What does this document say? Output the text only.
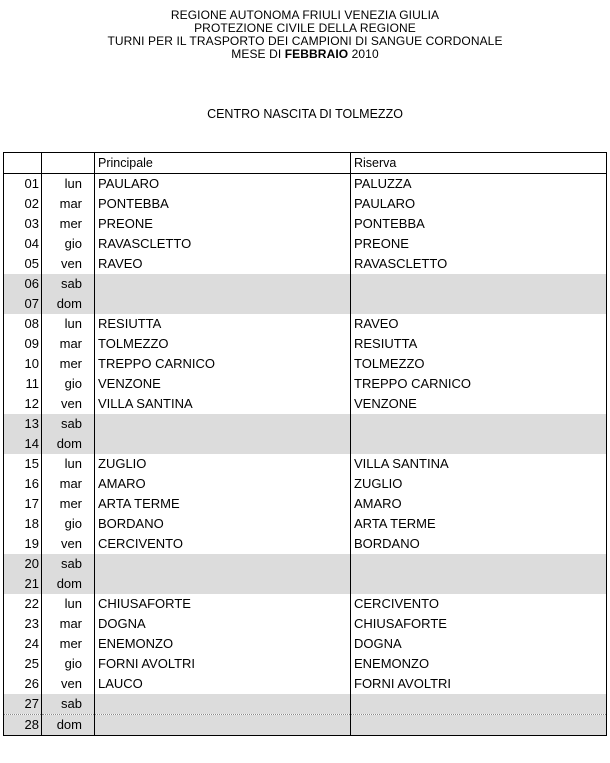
REGIONE AUTONOMA FRIULI VENEZIA GIULIA
PROTEZIONE CIVILE DELLA REGIONE
TURNI PER IL TRASPORTO DEI CAMPIONI DI SANGUE CORDONALE
MESE DI FEBBRAIO 2010
CENTRO NASCITA DI TOLMEZZO
		Principale	Riserva
01	lun	PAULARO	PALUZZA
02	mar	PONTEBBA	PAULARO
03	mer	PREONE	PONTEBBA
04	gio	RAVASCLETTO	PREONE
05	ven	RAVEO	RAVASCLETTO
06	sab		
07	dom		
08	lun	RESIUTTA	RAVEO
09	mar	TOLMEZZO	RESIUTTA
10	mer	TREPPO CARNICO	TOLMEZZO
11	gio	VENZONE	TREPPO CARNICO
12	ven	VILLA SANTINA	VENZONE
13	sab		
14	dom		
15	lun	ZUGLIO	VILLA SANTINA
16	mar	AMARO	ZUGLIO
17	mer	ARTA TERME	AMARO
18	gio	BORDANO	ARTA TERME
19	ven	CERCIVENTO	BORDANO
20	sab		
21	dom		
22	lun	CHIUSAFORTE	CERCIVENTO
23	mar	DOGNA	CHIUSAFORTE
24	mer	ENEMONZO	DOGNA
25	gio	FORNI AVOLTRI	ENEMONZO
26	ven	LAUCO	FORNI AVOLTRI
27	sab		
28	dom		
